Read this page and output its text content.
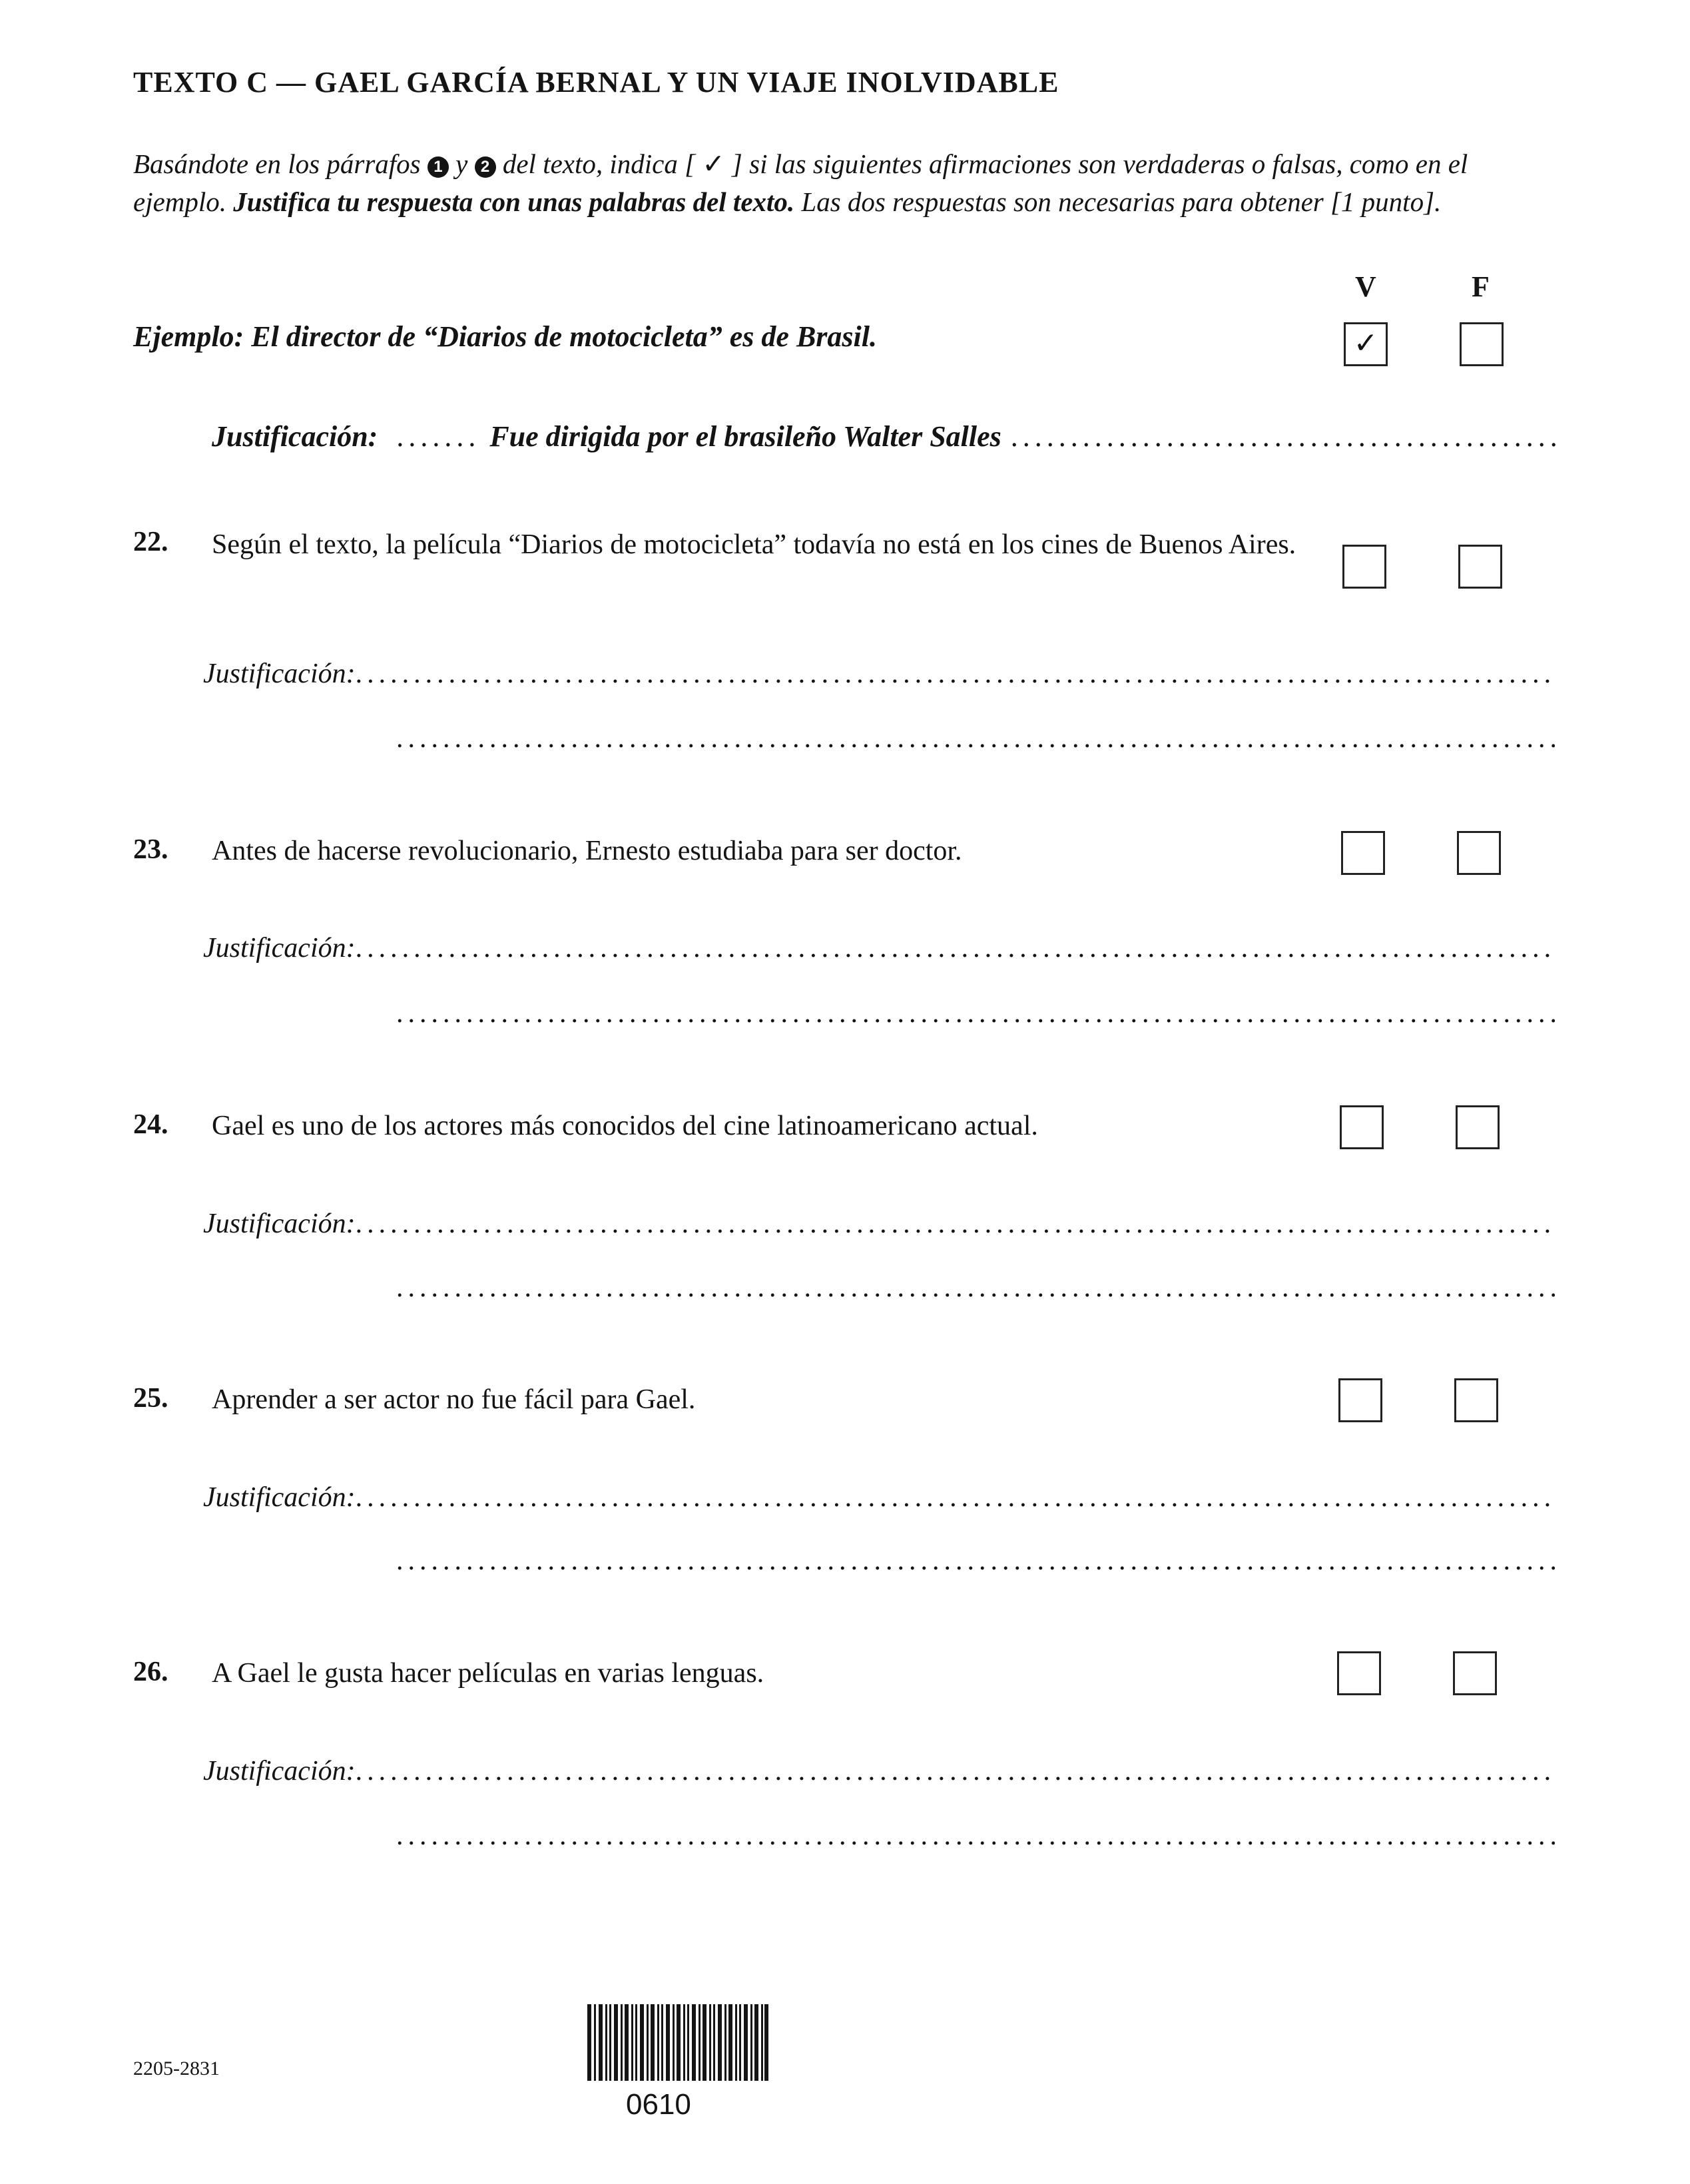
TEXTO C — GAEL GARCÍA BERNAL Y UN VIAJE INOLVIDABLE
Basándote en los párrafos 1 y 2 del texto, indica [ ✓ ] si las siguientes afirmaciones son verdaderas o falsas, como en el ejemplo. Justifica tu respuesta con unas palabras del texto. Las dos respuestas son necesarias para obtener [1 punto].
V	F
Ejemplo: El director de “Diarios de motocicleta” es de Brasil.	✓
Justificación: ....... Fue dirigida por el brasileño Walter Salles
.....
22. Según el texto, la película “Diarios de motocicleta” todavía no está en los cines de Buenos Aires.
Justificación:
.....
.....
23. Antes de hacerse revolucionario, Ernesto estudiaba para ser doctor.
Justificación:
.....
.....
24. Gael es uno de los actores más conocidos del cine latinoamericano actual.
Justificación:
.....
.....
25. Aprender a ser actor no fue fácil para Gael.
Justificación:
.....
.....
26. A Gael le gusta hacer películas en varias lenguas.
Justificación:
.....
.....
2205-2831
0610
